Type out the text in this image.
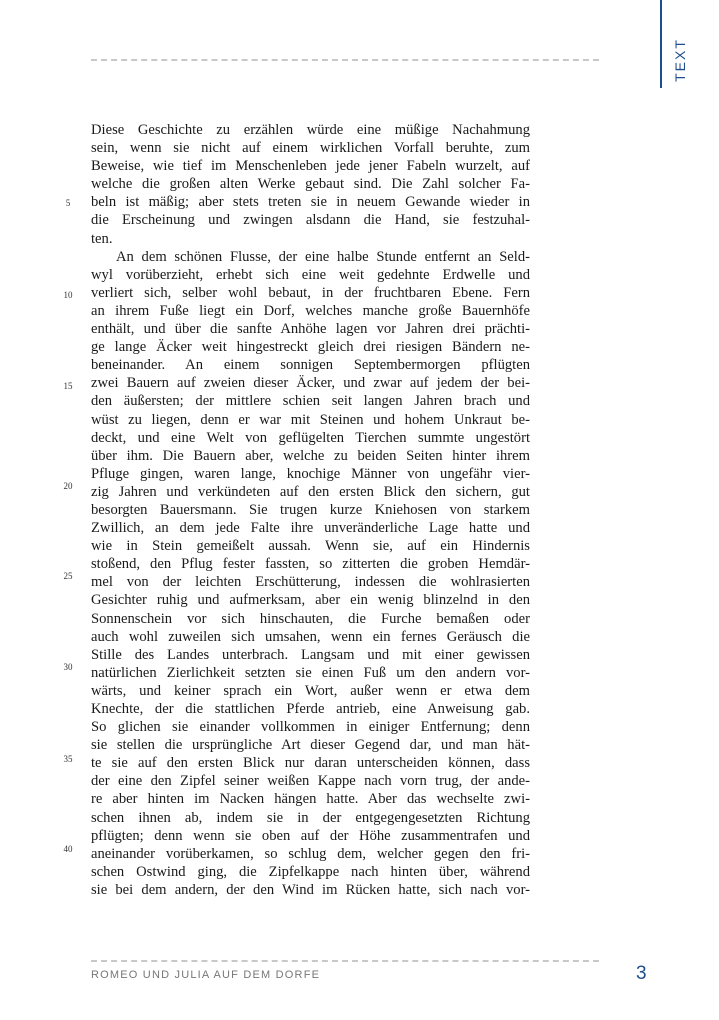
TEXT
5
10
15
20
25
30
35
40
Diese Geschichte zu erzählen würde eine müßige Nachahmung
sein, wenn sie nicht auf einem wirklichen Vorfall beruhte, zum
Beweise, wie tief im Menschenleben jede jener Fabeln wurzelt, auf
welche die großen alten Werke gebaut sind. Die Zahl solcher Fa-
beln ist mäßig; aber stets treten sie in neuem Gewande wieder in
die Erscheinung und zwingen alsdann die Hand, sie festzuhal-
ten.
An dem schönen Flusse, der eine halbe Stunde entfernt an Seld-
wyl vorüberzieht, erhebt sich eine weit gedehnte Erdwelle und
verliert sich, selber wohl bebaut, in der fruchtbaren Ebene. Fern
an ihrem Fuße liegt ein Dorf, welches manche große Bauernhöfe
enthält, und über die sanfte Anhöhe lagen vor Jahren drei prächti-
ge lange Äcker weit hingestreckt gleich drei riesigen Bändern ne-
beneinander. An einem sonnigen Septembermorgen pflügten
zwei Bauern auf zweien dieser Äcker, und zwar auf jedem der bei-
den äußersten; der mittlere schien seit langen Jahren brach und
wüst zu liegen, denn er war mit Steinen und hohem Unkraut be-
deckt, und eine Welt von geflügelten Tierchen summte ungestört
über ihm. Die Bauern aber, welche zu beiden Seiten hinter ihrem
Pfluge gingen, waren lange, knochige Männer von ungefähr vier-
zig Jahren und verkündeten auf den ersten Blick den sichern, gut
besorgten Bauersmann. Sie trugen kurze Kniehosen von starkem
Zwillich, an dem jede Falte ihre unveränderliche Lage hatte und
wie in Stein gemeißelt aussah. Wenn sie, auf ein Hindernis
stoßend, den Pflug fester fassten, so zitterten die groben Hemdär-
mel von der leichten Erschütterung, indessen die wohlrasierten
Gesichter ruhig und aufmerksam, aber ein wenig blinzelnd in den
Sonnenschein vor sich hinschauten, die Furche bemaßen oder
auch wohl zuweilen sich umsahen, wenn ein fernes Geräusch die
Stille des Landes unterbrach. Langsam und mit einer gewissen
natürlichen Zierlichkeit setzten sie einen Fuß um den andern vor-
wärts, und keiner sprach ein Wort, außer wenn er etwa dem
Knechte, der die stattlichen Pferde antrieb, eine Anweisung gab.
So glichen sie einander vollkommen in einiger Entfernung; denn
sie stellen die ursprüngliche Art dieser Gegend dar, und man hät-
te sie auf den ersten Blick nur daran unterscheiden können, dass
der eine den Zipfel seiner weißen Kappe nach vorn trug, der ande-
re aber hinten im Nacken hängen hatte. Aber das wechselte zwi-
schen ihnen ab, indem sie in der entgegengesetzten Richtung
pflügten; denn wenn sie oben auf der Höhe zusammentrafen und
aneinander vorüberkamen, so schlug dem, welcher gegen den fri-
schen Ostwind ging, die Zipfelkappe nach hinten über, während
sie bei dem andern, der den Wind im Rücken hatte, sich nach vor-
ROMEO UND JULIA AUF DEM DORFE	3
